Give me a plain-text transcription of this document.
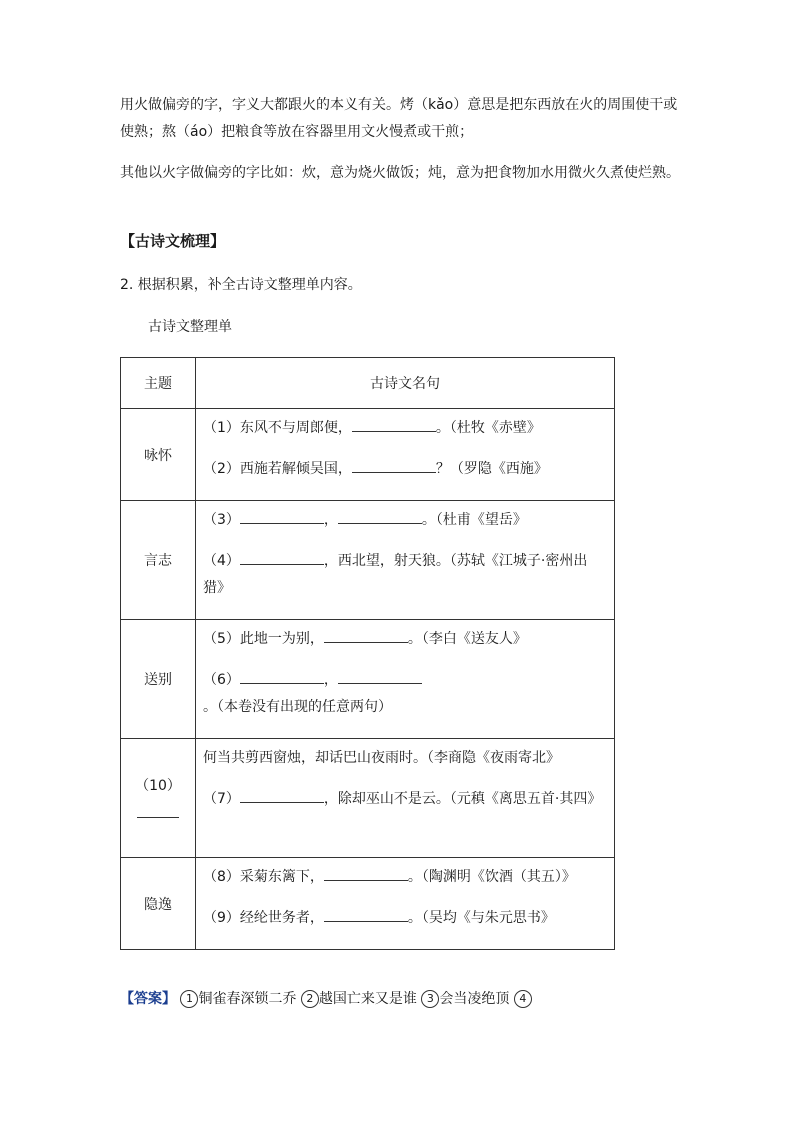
用火做偏旁的字，字义大都跟火的本义有关。烤（kǎo）意思是把东西放在火的周围使干或使熟；熬（áo）把粮食等放在容器里用文火慢煮或干煎；

其他以火字做偏旁的字比如：炊，意为烧火做饭；炖，意为把食物加水用微火久煮使烂熟。

【古诗文梳理】

2. 根据积累，补全古诗文整理单内容。

古诗文整理单

主题	古诗文名句
咏怀	（1）东风不与周郎便， 。（杜牧《赤壁》

（2）西施若解倾吴国， ？（罗隐《西施》

言志	（3） ， 。（杜甫《望岳》

（4） ，西北望，射天狼。（苏轼《江城子·密州出猎》

送别	（5）此地一为别， 。（李白《送友人》

（6） ，。（本卷没有出现的任意两句）

（10）	何当共剪西窗烛，却话巴山夜雨时。（李商隐《夜雨寄北》

（7） ，除却巫山不是云。（元稹《离思五首·其四》

隐逸	（8）采菊东篱下， 。（陶渊明《饮酒（其五）》

（9）经纶世务者， 。（吴均《与朱元思书》

【答案】 1 铜雀春深锁二乔 2 越国亡来又是谁 3 会当凌绝顶 4
